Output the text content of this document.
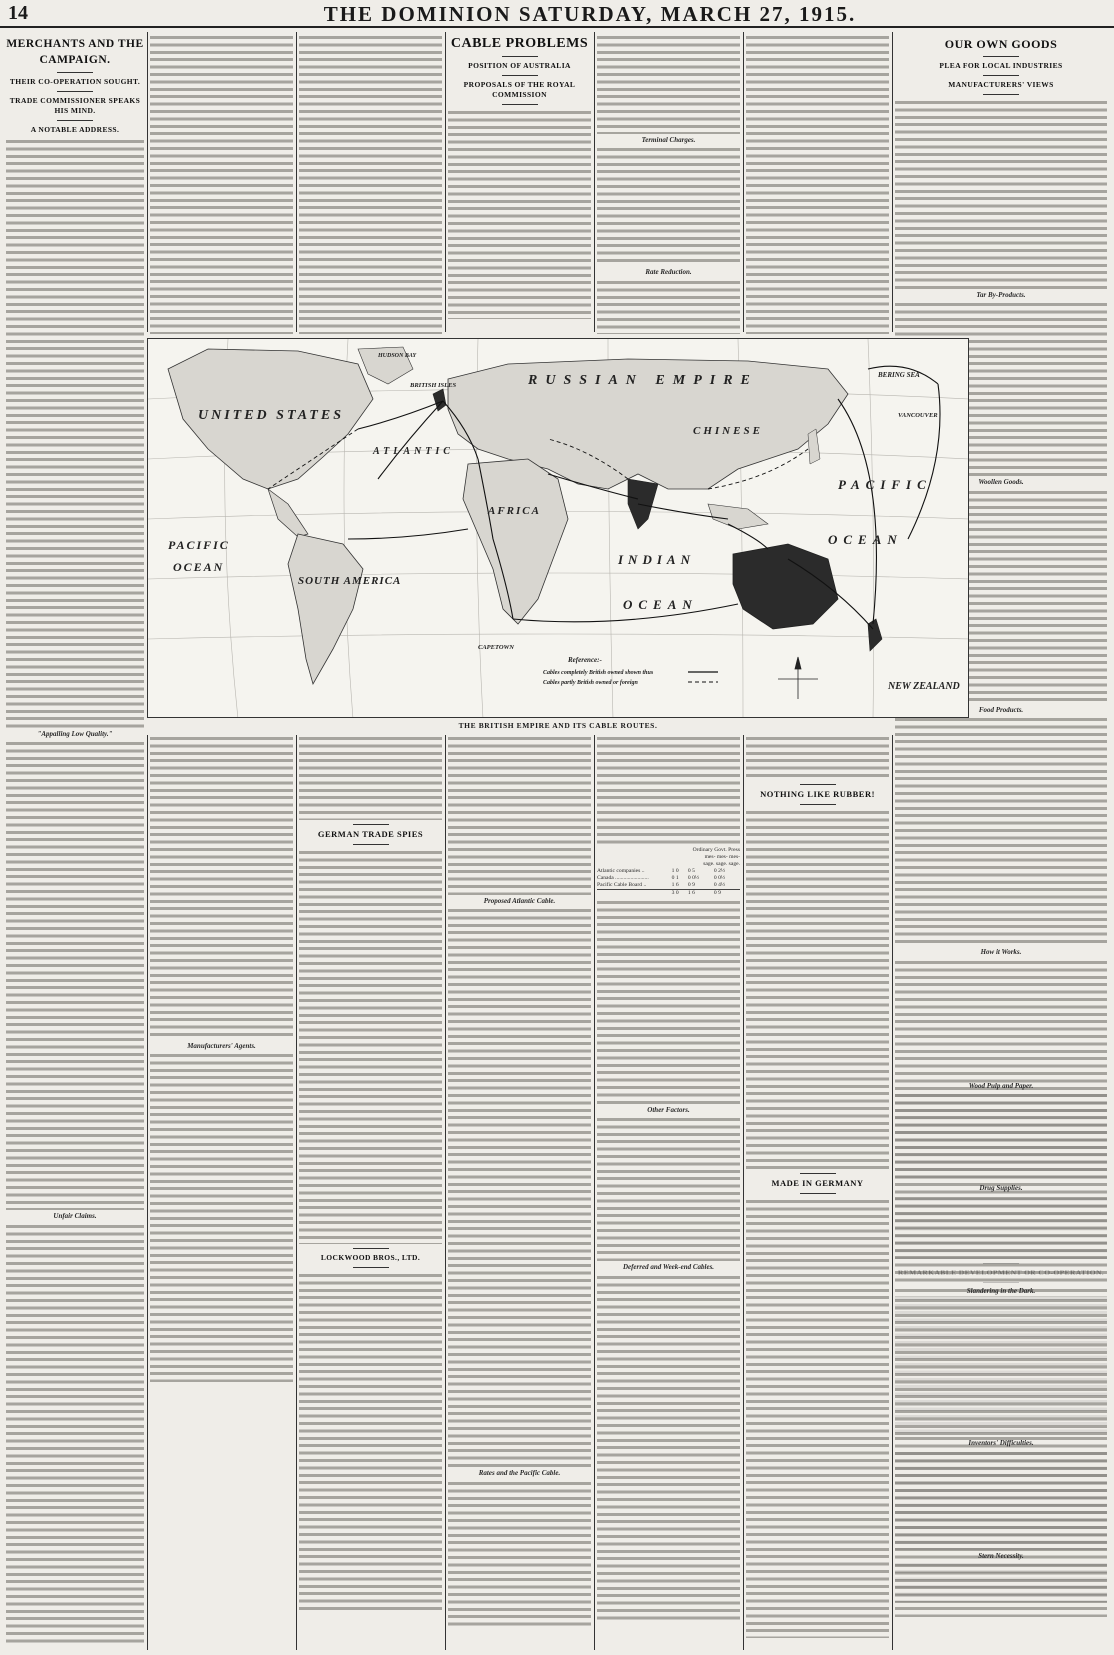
14	THE DOMINION SATURDAY, MARCH 27, 1915.
MERCHANTS AND THE CAMPAIGN.
THEIR CO-OPERATION SOUGHT.
TRADE COMMISSIONER SPEAKS HIS MIND.
A NOTABLE ADDRESS.
"Appalling Low Quality."
Unfair Claims.
CABLE PROBLEMS
POSITION OF AUSTRALIA
PROPOSALS OF THE ROYAL COMMISSION
Terminal Charges.
Rate Reduction.
OUR OWN GOODS
PLEA FOR LOCAL INDUSTRIES
MANUFACTURERS' VIEWS
Tar By-Products.
Woollen Goods.
Food Products.
How it Works.
HUDSON BAY
BRITISH ISLES	RUSSIAN EMPIRE
CHINESE
UNITED STATES
ATLANTIC
PACIFIC
OCEAN
SOUTH AMERICA
AFRICA
INDIAN
OCEAN
PACIFIC
OCEAN
BERING SEA
VANCOUVER
NEW ZEALAND
CAPETOWN
Reference:-
Cables completely British owned shown thus
Cables partly British owned or foreign
THE BRITISH EMPIRE AND ITS CABLE ROUTES.
Manufacturers' Agents.
GERMAN TRADE SPIES
LOCKWOOD BROS., LTD.
Proposed Atlantic Cable.
Rates and the Pacific Cable.
	Ordinary Govt. Press		
	mes- mes- mes-		
	sage. sage. sage.		
Atlantic companies ..	1 0	0 5	0 2½
Canada ........................	0 1	0 0½	0 0½
Pacific Cable Board ..	1 6	0 9	0 4½
	3 0	1 6	0 9
Other Factors.
Deferred and Week-end Cables.
NOTHING LIKE RUBBER!
MADE IN GERMANY
Wood Pulp and Paper.
Drug Supplies.
Slandering in the Dark.
Inventors' Difficulties.
Stern Necessity.
